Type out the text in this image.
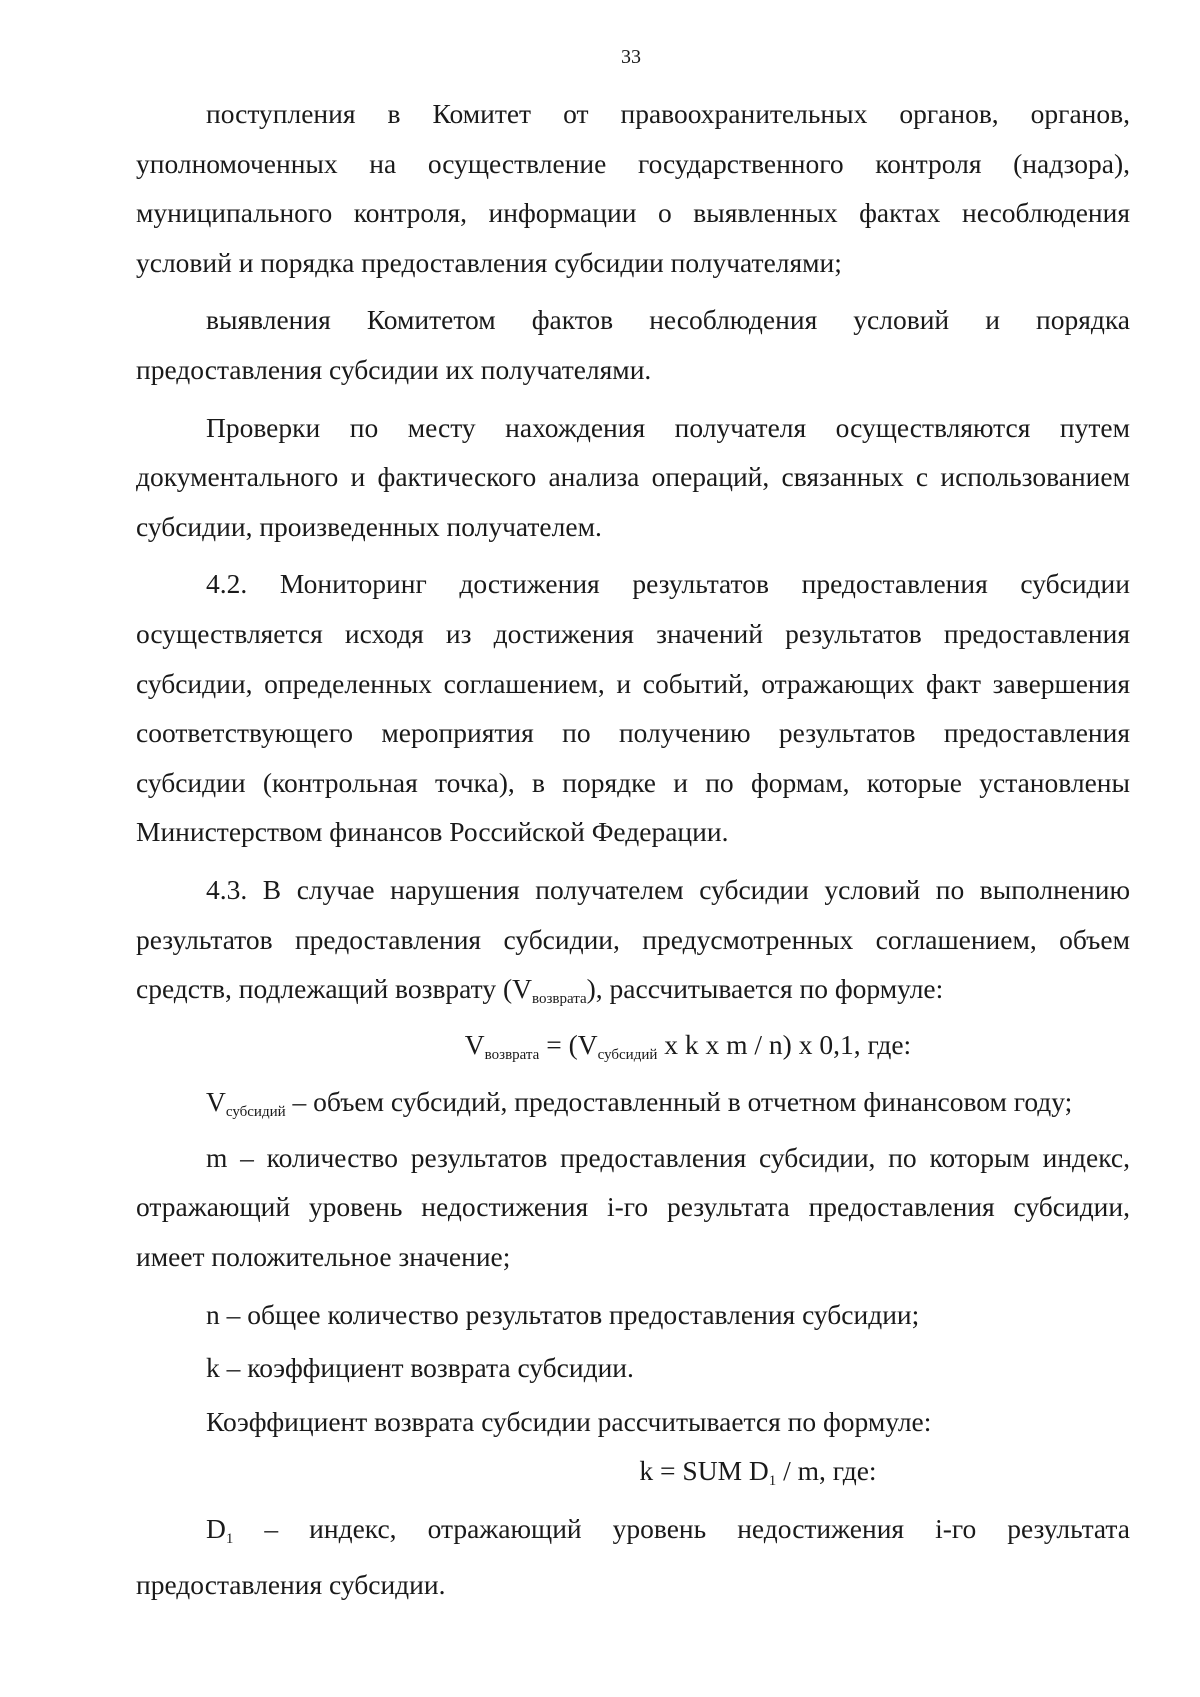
33

поступления в Комитет от правоохранительных органов, органов, уполномоченных на осуществление государственного контроля (надзора), муниципального контроля, информации о выявленных фактах несоблюдения условий и порядка предоставления субсидии получателями;

выявления Комитетом фактов несоблюдения условий и порядка предоставления субсидии их получателями.

Проверки по месту нахождения получателя осуществляются путем документального и фактического анализа операций, связанных с использованием субсидии, произведенных получателем.

4.2. Мониторинг достижения результатов предоставления субсидии осуществляется исходя из достижения значений результатов предоставления субсидии, определенных соглашением, и событий, отражающих факт завершения соответствующего мероприятия по получению результатов предоставления субсидии (контрольная точка), в порядке и по формам, которые установлены Министерством финансов Российской Федерации.

4.3. В случае нарушения получателем субсидии условий по выполнению результатов предоставления субсидии, предусмотренных соглашением, объем средств, подлежащий возврату (Vвозврата), рассчитывается по формуле:

Vвозврата = (Vсубсидий x k x m / n) x 0,1, где:

Vсубсидий – объем субсидий, предоставленный в отчетном финансовом году;

m – количество результатов предоставления субсидии, по которым индекс, отражающий уровень недостижения i-го результата предоставления субсидии, имеет положительное значение;

n – общее количество результатов предоставления субсидии;

k – коэффициент возврата субсидии.

Коэффициент возврата субсидии рассчитывается по формуле:

k = SUM D1 / m, где:

D1 – индекс, отражающий уровень недостижения i-го результата предоставления субсидии.
